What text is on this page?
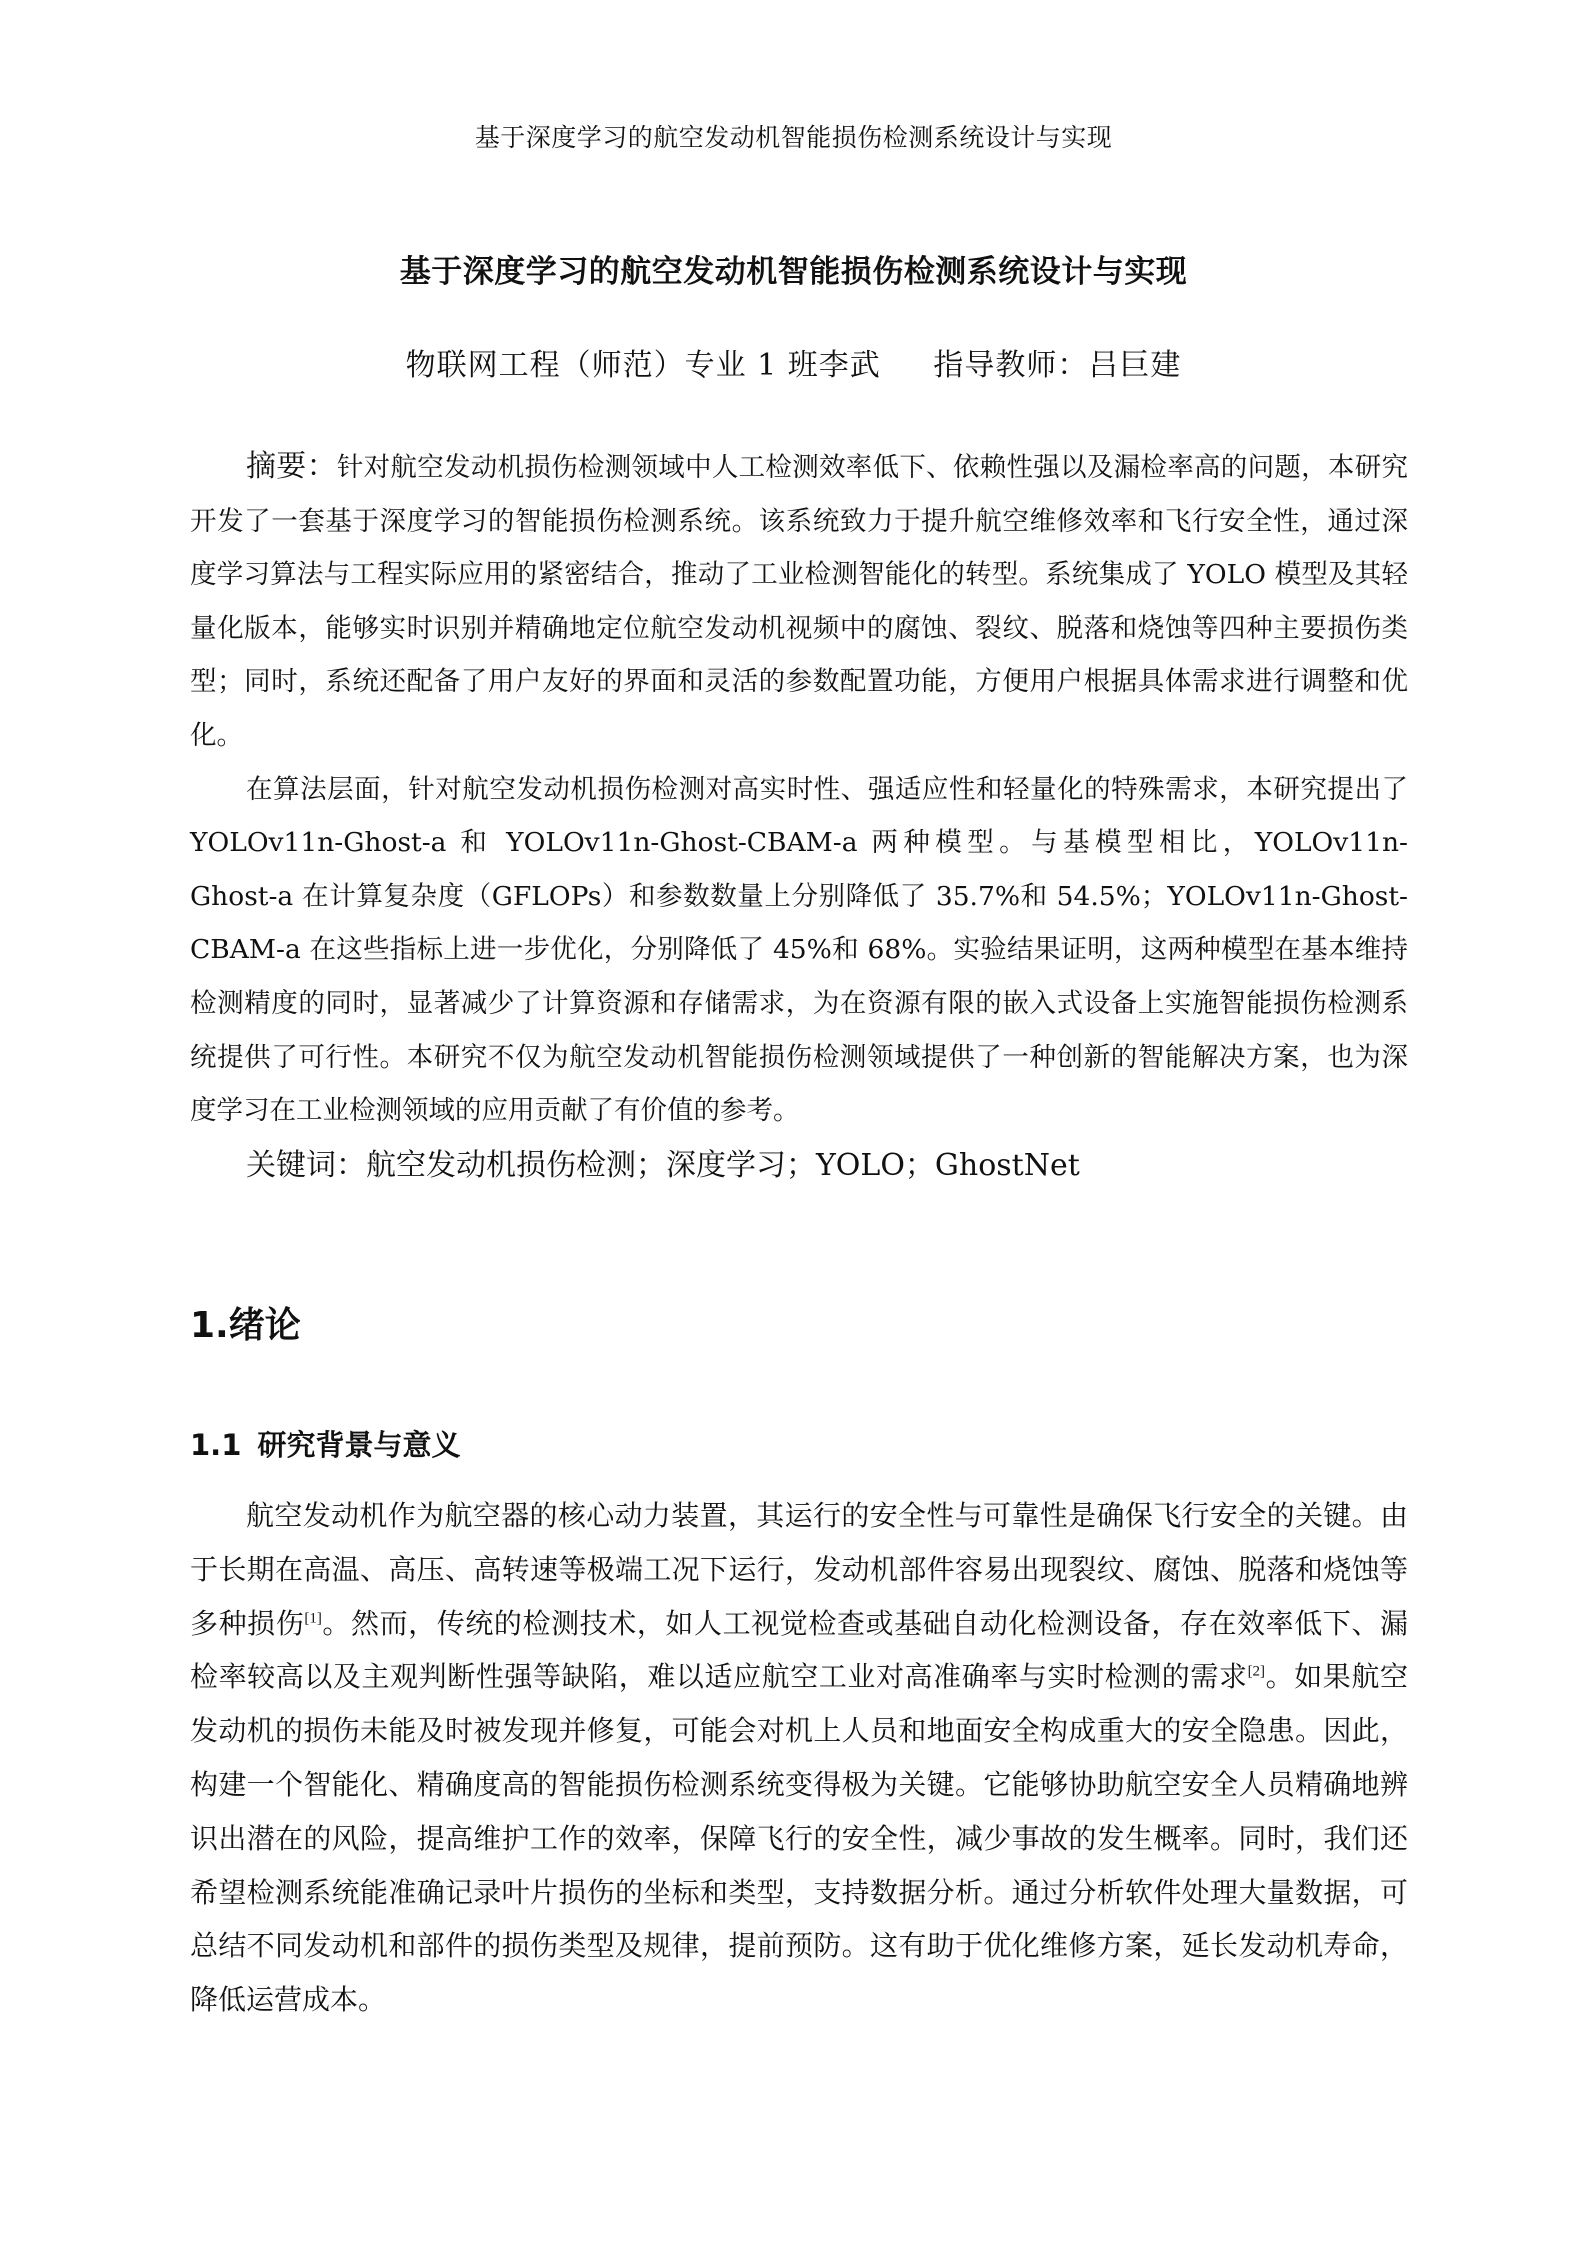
基于深度学习的航空发动机智能损伤检测系统设计与实现
基于深度学习的航空发动机智能损伤检测系统设计与实现
物联网工程（师范）专业 1 班李武     指导教师：吕巨建

摘要：针对航空发动机损伤检测领域中人工检测效率低下、依赖性强以及漏检率高的问题，本研究开发了一套基于深度学习的智能损伤检测系统。该系统致力于提升航空维修效率和飞行安全性，通过深度学习算法与工程实际应用的紧密结合，推动了工业检测智能化的转型。系统集成了 YOLO 模型及其轻量化版本，能够实时识别并精确地定位航空发动机视频中的腐蚀、裂纹、脱落和烧蚀等四种主要损伤类型；同时，系统还配备了用户友好的界面和灵活的参数配置功能，方便用户根据具体需求进行调整和优化。

在算法层面，针对航空发动机损伤检测对高实时性、强适应性和轻量化的特殊需求，本研究提出了 YOLOv11n-Ghost-a 和 YOLOv11n-Ghost-CBAM-a 两种模型。与基模型相比，YOLOv11n-Ghost-a 在计算复杂度（GFLOPs）和参数数量上分别降低了 35.7%和 54.5%；YOLOv11n-Ghost-CBAM-a 在这些指标上进一步优化，分别降低了 45%和 68%。实验结果证明，这两种模型在基本维持检测精度的同时，显著减少了计算资源和存储需求，为在资源有限的嵌入式设备上实施智能损伤检测系统提供了可行性。本研究不仅为航空发动机智能损伤检测领域提供了一种创新的智能解决方案，也为深度学习在工业检测领域的应用贡献了有价值的参考。

关键词：航空发动机损伤检测；深度学习；YOLO；GhostNet
1.绪论
1.1 研究背景与意义

航空发动机作为航空器的核心动力装置，其运行的安全性与可靠性是确保飞行安全的关键。由于长期在高温、高压、高转速等极端工况下运行，发动机部件容易出现裂纹、腐蚀、脱落和烧蚀等多种损伤[1]。然而，传统的检测技术，如人工视觉检查或基础自动化检测设备，存在效率低下、漏检率较高以及主观判断性强等缺陷，难以适应航空工业对高准确率与实时检测的需求[2]。如果航空发动机的损伤未能及时被发现并修复，可能会对机上人员和地面安全构成重大的安全隐患。因此，构建一个智能化、精确度高的智能损伤检测系统变得极为关键。它能够协助航空安全人员精确地辨识出潜在的风险，提高维护工作的效率，保障飞行的安全性，减少事故的发生概率。同时，我们还希望检测系统能准确记录叶片损伤的坐标和类型，支持数据分析。通过分析软件处理大量数据，可总结不同发动机和部件的损伤类型及规律，提前预防。这有助于优化维修方案，延长发动机寿命，降低运营成本。
